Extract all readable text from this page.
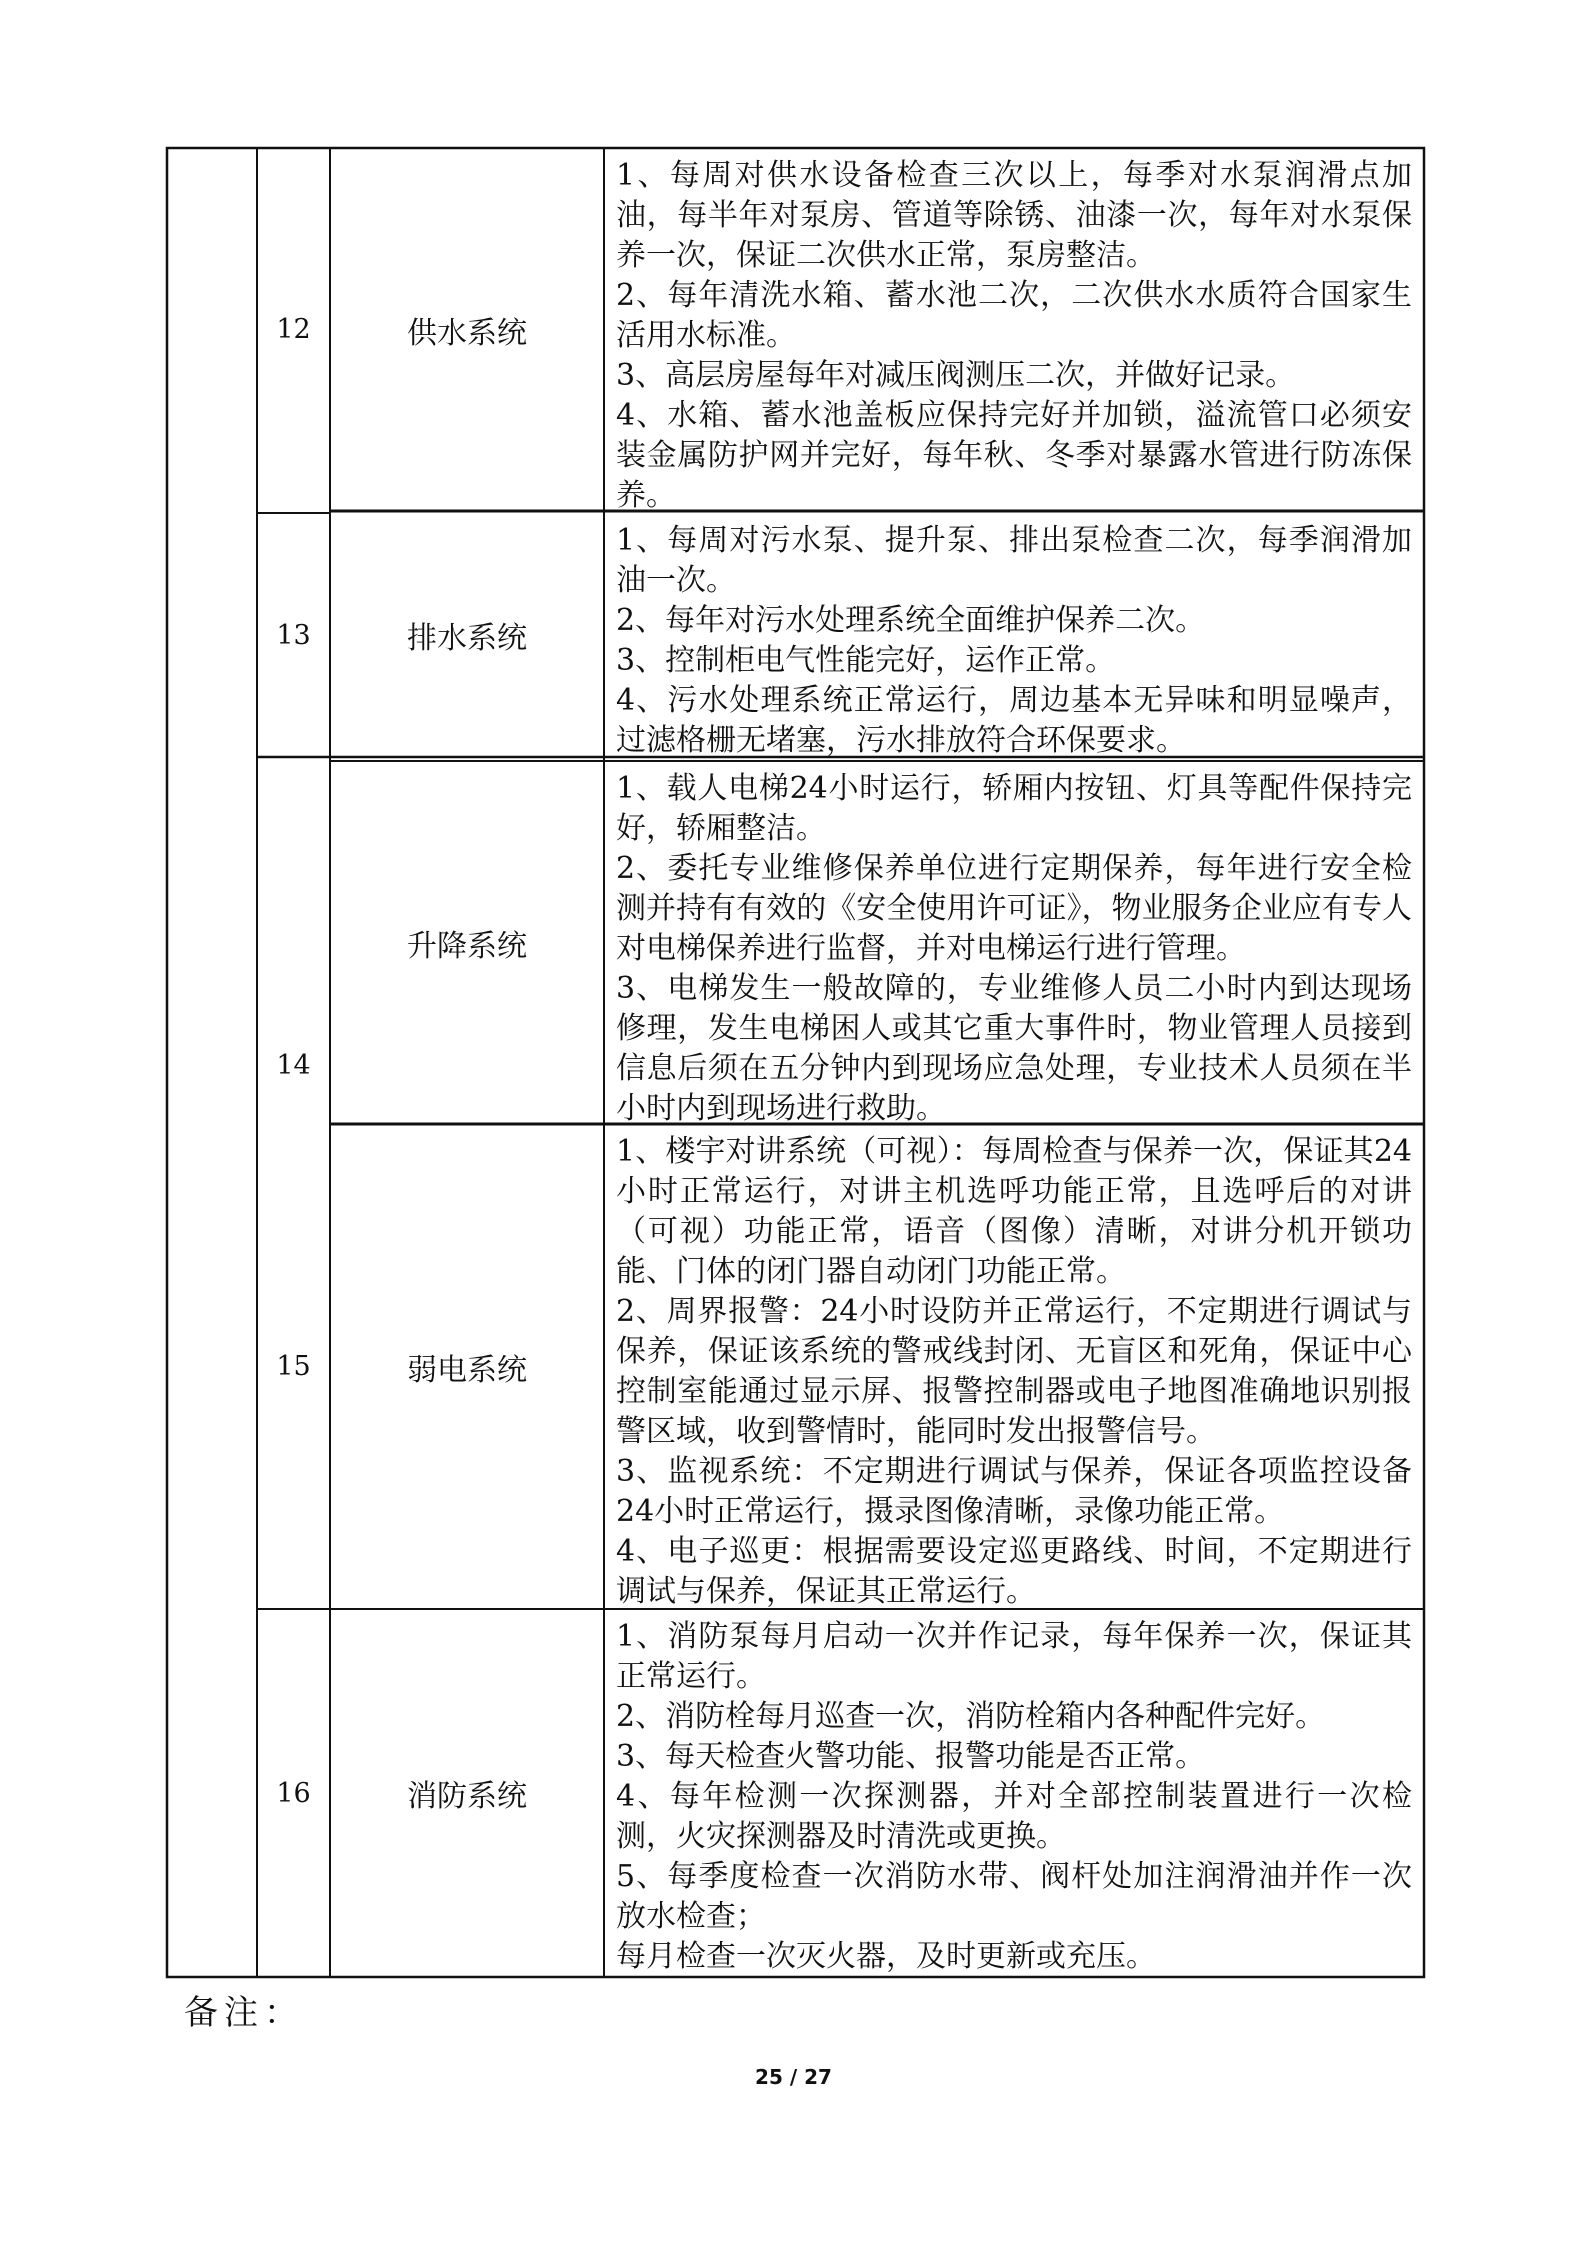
12	供水系统

1、每周对供水设备检查三次以上，每季对水泵润滑点加油，每半年对泵房、管道等除锈、油漆一次，每年对水泵保养一次，保证二次供水正常，泵房整洁。

2、每年清洗水箱、蓄水池二次，二次供水水质符合国家生活用水标准。

3、高层房屋每年对减压阀测压二次，并做好记录。

4、水箱、蓄水池盖板应保持完好并加锁，溢流管口必须安装金属防护网并完好，每年秋、冬季对暴露水管进行防冻保养。

13	排水系统

1、每周对污水泵、提升泵、排出泵检查二次，每季润滑加油一次。

2、每年对污水处理系统全面维护保养二次。

3、控制柜电气性能完好，运作正常。

4、污水处理系统正常运行，周边基本无异味和明显噪声，过滤格栅无堵塞，污水排放符合环保要求。

14
升降系统

1、载人电梯24小时运行，轿厢内按钮、灯具等配件保持完好，轿厢整洁。

2、委托专业维修保养单位进行定期保养，每年进行安全检测并持有有效的《安全使用许可证》，物业服务企业应有专人对电梯保养进行监督，并对电梯运行进行管理。

3、电梯发生一般故障的，专业维修人员二小时内到达现场修理，发生电梯困人或其它重大事件时，物业管理人员接到信息后须在五分钟内到现场应急处理，专业技术人员须在半小时内到现场进行救助。

15	弱电系统

1、楼宇对讲系统（可视）：每周检查与保养一次，保证其24 小时正常运行，对讲主机选呼功能正常，且选呼后的对讲（可视）功能正常，语音（图像）清晰，对讲分机开锁功能、门体的闭门器自动闭门功能正常。

2、周界报警：24小时设防并正常运行，不定期进行调试与保养，保证该系统的警戒线封闭、无盲区和死角，保证中心控制室能通过显示屏、报警控制器或电子地图准确地识别报警区域，收到警情时，能同时发出报警信号。

3、监视系统：不定期进行调试与保养，保证各项监控设备24小时正常运行，摄录图像清晰，录像功能正常。

4、电子巡更：根据需要设定巡更路线、时间，不定期进行调试与保养，保证其正常运行。

16	消防系统

1、消防泵每月启动一次并作记录，每年保养一次，保证其正常运行。

2、消防栓每月巡查一次，消防栓箱内各种配件完好。

3、每天检查火警功能、报警功能是否正常。

4、每年检测一次探测器，并对全部控制装置进行一次检测，火灾探测器及时清洗或更换。

5、每季度检查一次消防水带、阀杆处加注润滑油并作一次放水检查；

每月检查一次灭火器，及时更新或充压。

备注：
25 / 27
